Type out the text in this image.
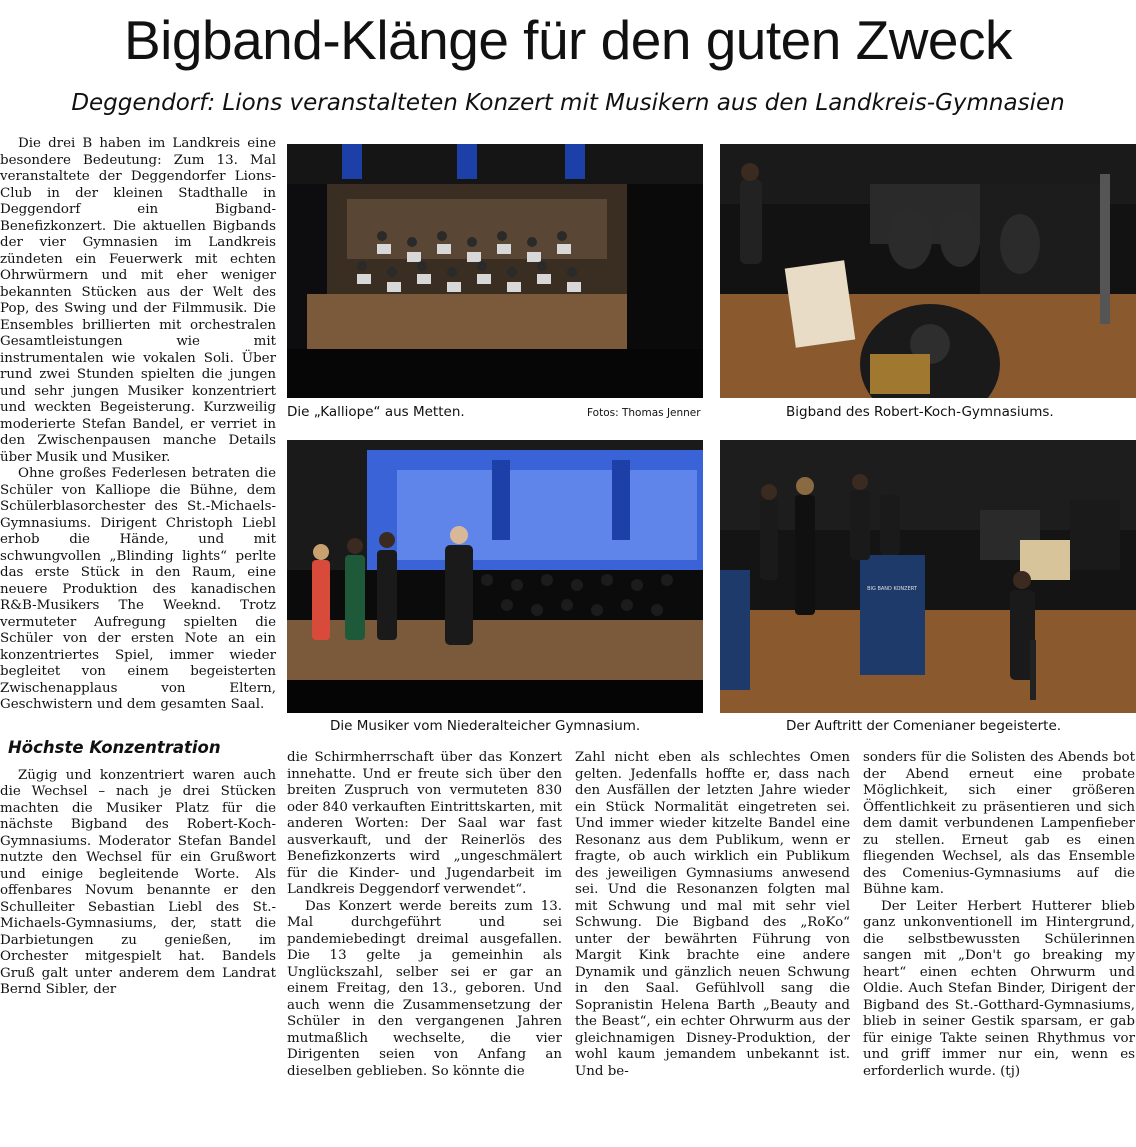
Bigband-Klänge für den guten Zweck
Deggendorf: Lions veranstalteten Konzert mit Musikern aus den Landkreis-Gymnasien

Die drei B haben im Landkreis eine besondere Bedeutung: Zum 13. Mal veranstaltete der Deggendorfer Lions-Club in der kleinen Stadthalle in Deggendorf ein Bigband-Benefizkonzert. Die aktuellen Bigbands der vier Gymnasien im Landkreis zündeten ein Feuerwerk mit echten Ohrwürmern und mit eher weniger bekannten Stücken aus der Welt des Pop, des Swing und der Filmmusik. Die Ensembles brillierten mit orchestralen Gesamtleistungen wie mit instrumentalen wie vokalen Soli. Über rund zwei Stunden spielten die jungen und sehr jungen Musiker konzentriert und weckten Begeisterung. Kurzweilig moderierte Stefan Bandel, er verriet in den Zwischenpausen manche Details über Musik und Musiker.

Ohne großes Federlesen betraten die Schüler von Kalliope die Bühne, dem Schülerblasorchester des St.-Michaels-Gymnasiums. Dirigent Christoph Liebl erhob die Hände, und mit schwungvollen „Blinding lights“ perlte das erste Stück in den Raum, eine neuere Produktion des kanadischen R&B-Musikers The Weeknd. Trotz vermuteter Aufregung spielten die Schüler von der ersten Note an ein konzentriertes Spiel, immer wieder begleitet von einem begeisterten Zwischenapplaus von Eltern, Geschwistern und dem gesamten Saal.

Höchste Konzentration

Zügig und konzentriert waren auch die Wechsel – nach je drei Stücken machten die Musiker Platz für die nächste Bigband des Robert-Koch-Gymnasiums. Moderator Stefan Bandel nutzte den Wechsel für ein Grußwort und einige begleitende Worte. Als offenbares Novum benannte er den Schulleiter Sebastian Liebl des St.-Michaels-Gymnasiums, der, statt die Darbietungen zu genießen, im Orchester mitgespielt hat. Bandels Gruß galt unter anderem dem Landrat Bernd Sibler, der

Die „Kalliope“ aus Metten.	Fotos: Thomas Jenner	Bigband des Robert-Koch-Gymnasiums.
Die Musiker vom Niederalteicher Gymnasium.
BIG BAND KONZERT
Der Auftritt der Comenianer begeisterte.

die Schirmherrschaft über das Konzert innehatte. Und er freute sich über den breiten Zuspruch von vermuteten 830 oder 840 verkauften Eintrittskarten, mit anderen Worten: Der Saal war fast ausverkauft, und der Reinerlös des Benefizkonzerts wird „ungeschmälert für die Kinder- und Jugendarbeit im Landkreis Deggendorf verwendet“.

Das Konzert werde bereits zum 13. Mal durchgeführt und sei pandemiebedingt dreimal ausgefallen. Die 13 gelte ja gemeinhin als Unglückszahl, selber sei er gar an einem Freitag, den 13., geboren. Und auch wenn die Zusammensetzung der Schüler in den vergangenen Jahren mutmaßlich wechselte, die vier Dirigenten seien von Anfang an dieselben geblieben. So könnte die

Zahl nicht eben als schlechtes Omen gelten. Jedenfalls hoffte er, dass nach den Ausfällen der letzten Jahre wieder ein Stück Normalität eingetreten sei. Und immer wieder kitzelte Bandel eine Resonanz aus dem Publikum, wenn er fragte, ob auch wirklich ein Publikum des jeweiligen Gymnasiums anwesend sei. Und die Resonanzen folgten mal mit Schwung und mal mit sehr viel Schwung. Die Bigband des „RoKo“ unter der bewährten Führung von Margit Kink brachte eine andere Dynamik und gänzlich neuen Schwung in den Saal. Gefühlvoll sang die Sopranistin Helena Barth „Beauty and the Beast“, ein echter Ohrwurm aus der gleichnamigen Disney-Produktion, der wohl kaum jemandem unbekannt ist. Und be-

sonders für die Solisten des Abends bot der Abend erneut eine probate Möglichkeit, sich einer größeren Öffentlichkeit zu präsentieren und sich dem damit verbundenen Lampenfieber zu stellen. Erneut gab es einen fliegenden Wechsel, als das Ensemble des Comenius-Gymnasiums auf die Bühne kam.

Der Leiter Herbert Hutterer blieb ganz unkonventionell im Hintergrund, die selbstbewussten Schülerinnen sangen mit „Don't go breaking my heart“ einen echten Ohrwurm und Oldie. Auch Stefan Binder, Dirigent der Bigband des St.-Gotthard-Gymnasiums, blieb in seiner Gestik sparsam, er gab für einige Takte seinen Rhythmus vor und griff immer nur ein, wenn es erforderlich wurde. (tj)
